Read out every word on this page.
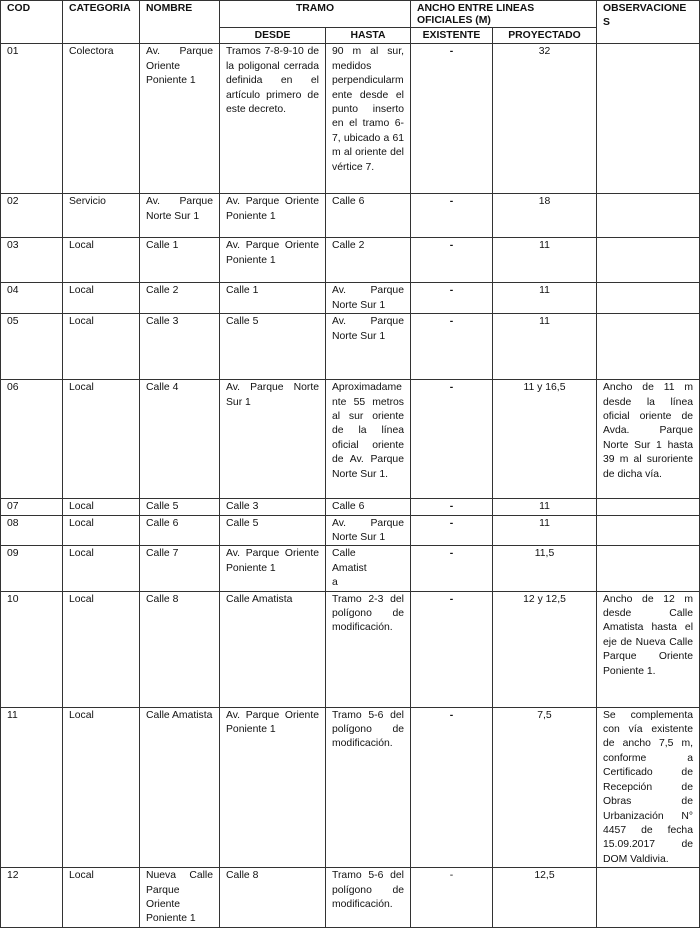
COD	CATEGORIA	NOMBRE	TRAMO		ANCHO ENTRE LINEAS OFICIALES (M)		OBSERVACIONES
			DESDE	HASTA	EXISTENTE	PROYECTADO	
01	Colectora	Av. Parque Oriente Poniente 1	Tramos 7-8-9-10 de la poligonal cerrada definida en el artículo primero de este decreto.	90 m al sur, medidos perpendicularmente desde el punto inserto en el tramo 6-7, ubicado a 61 m al oriente del vértice 7.	-	32	
02	Servicio	Av. Parque Norte Sur 1	Av. Parque Oriente Poniente 1	Calle 6	-	18	
03	Local	Calle 1	Av. Parque Oriente Poniente 1	Calle 2	-	11	
04	Local	Calle 2	Calle 1	Av. Parque Norte Sur 1	-	11	
05	Local	Calle 3	Calle 5	Av. Parque Norte Sur 1	-	11	
06	Local	Calle 4	Av. Parque Norte Sur 1	Aproximadamente 55 metros al sur oriente de la línea oficial oriente de Av. Parque Norte Sur 1.	-	11 y 16,5	Ancho de 11 m desde la línea oficial oriente de Avda. Parque Norte Sur 1 hasta 39 m al suroriente de dicha vía.
07	Local	Calle 5	Calle 3	Calle 6	-	11	
08	Local	Calle 6	Calle 5	Av. Parque Norte Sur 1	-	11	
09	Local	Calle 7	Av. Parque Oriente Poniente 1	Calle Amatista	-	11,5	
10	Local	Calle 8	Calle Amatista	Tramo 2-3 del polígono de modificación.	-	12 y 12,5	Ancho de 12 m desde Calle Amatista hasta el eje de Nueva Calle Parque Oriente Poniente 1.
11	Local	Calle Amatista	Av. Parque Oriente Poniente 1	Tramo 5-6 del polígono de modificación.	-	7,5	Se complementa con vía existente de ancho 7,5 m, conforme a Certificado de Recepción de Obras de Urbanización N° 4457 de fecha 15.09.2017 de DOM Valdivia.
12	Local	Nueva Calle Parque Oriente Poniente 1	Calle 8	Tramo 5-6 del polígono de modificación.	-	12,5	
